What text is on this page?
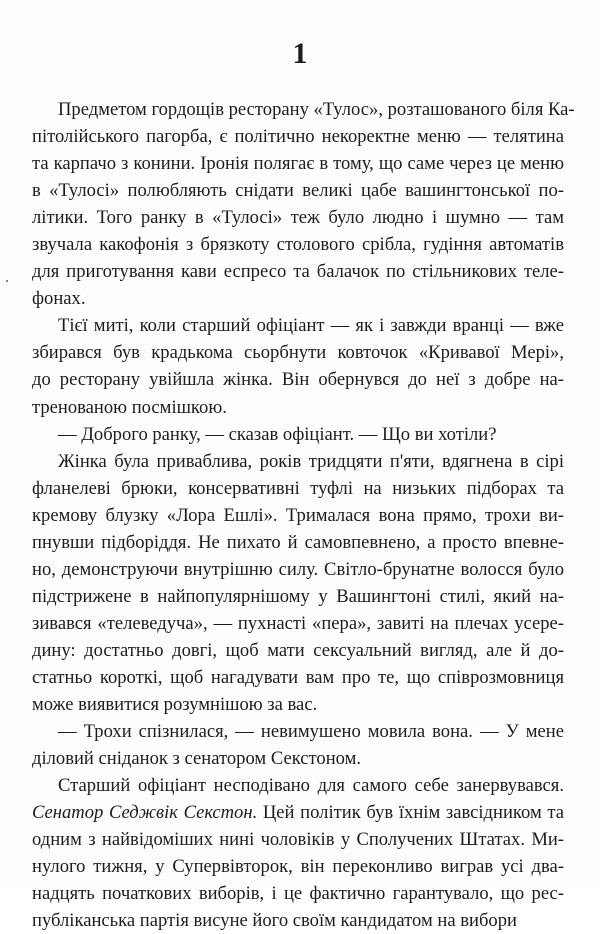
1

Предметом гордощів ресторану «Тулос», розташованого біля Ка-
пітолійського пагорба, є політично некоректне меню — телятина
та карпачо з конини. Іронія полягає в тому, що саме через це меню
в «Тулосі» полюбляють снідати великі цабе вашингтонської по-
літики. Того ранку в «Тулосі» теж було людно і шумно — там
звучала какофонія з брязкоту столового срібла, гудіння автоматів
для приготування кави еспресо та балачок по стільникових теле-
фонах.

Тієї миті, коли старший офіціант — як і завжди вранці — вже
збирався був крадькома сьорбнути ковточок «Кривавої Мері»,
до ресторану увійшла жінка. Він обернувся до неї з добре на-
тренованою посмішкою.

— Доброго ранку, — сказав офіціант. — Що ви хотіли?

Жінка була приваблива, років тридцяти п'яти, вдягнена в сірі
фланелеві брюки, консервативні туфлі на низьких підборах та
кремову блузку «Лора Ешлі». Трималася вона прямо, трохи ви-
пнувши підборіддя. Не пихато й самовпевнено, а просто впевне-
но, демонструючи внутрішню силу. Світло-брунатне волосся було
підстрижене в найпопулярнішому у Вашингтоні стилі, який на-
зивався «телеведуча», — пухнасті «пера», завиті на плечах усере-
дину: достатньо довгі, щоб мати сексуальний вигляд, але й до-
статньо короткі, щоб нагадувати вам про те, що співрозмовниця
може виявитися розумнішою за вас.

— Трохи спізнилася, — невимушено мовила вона. — У мене
діловий сніданок з сенатором Секстоном.

Старший офіціант несподівано для самого себе занервувався.
Сенатор Седжвік Секстон. Цей політик був їхнім завсідником та
одним з найвідоміших нині чоловіків у Сполучених Штатах. Ми-
нулого тижня, у Супервівторок, він переконливо виграв усі два-
надцять початкових виборів, і це фактично гарантувало, що рес-
публіканська партія висуне його своїм кандидатом на вибори
